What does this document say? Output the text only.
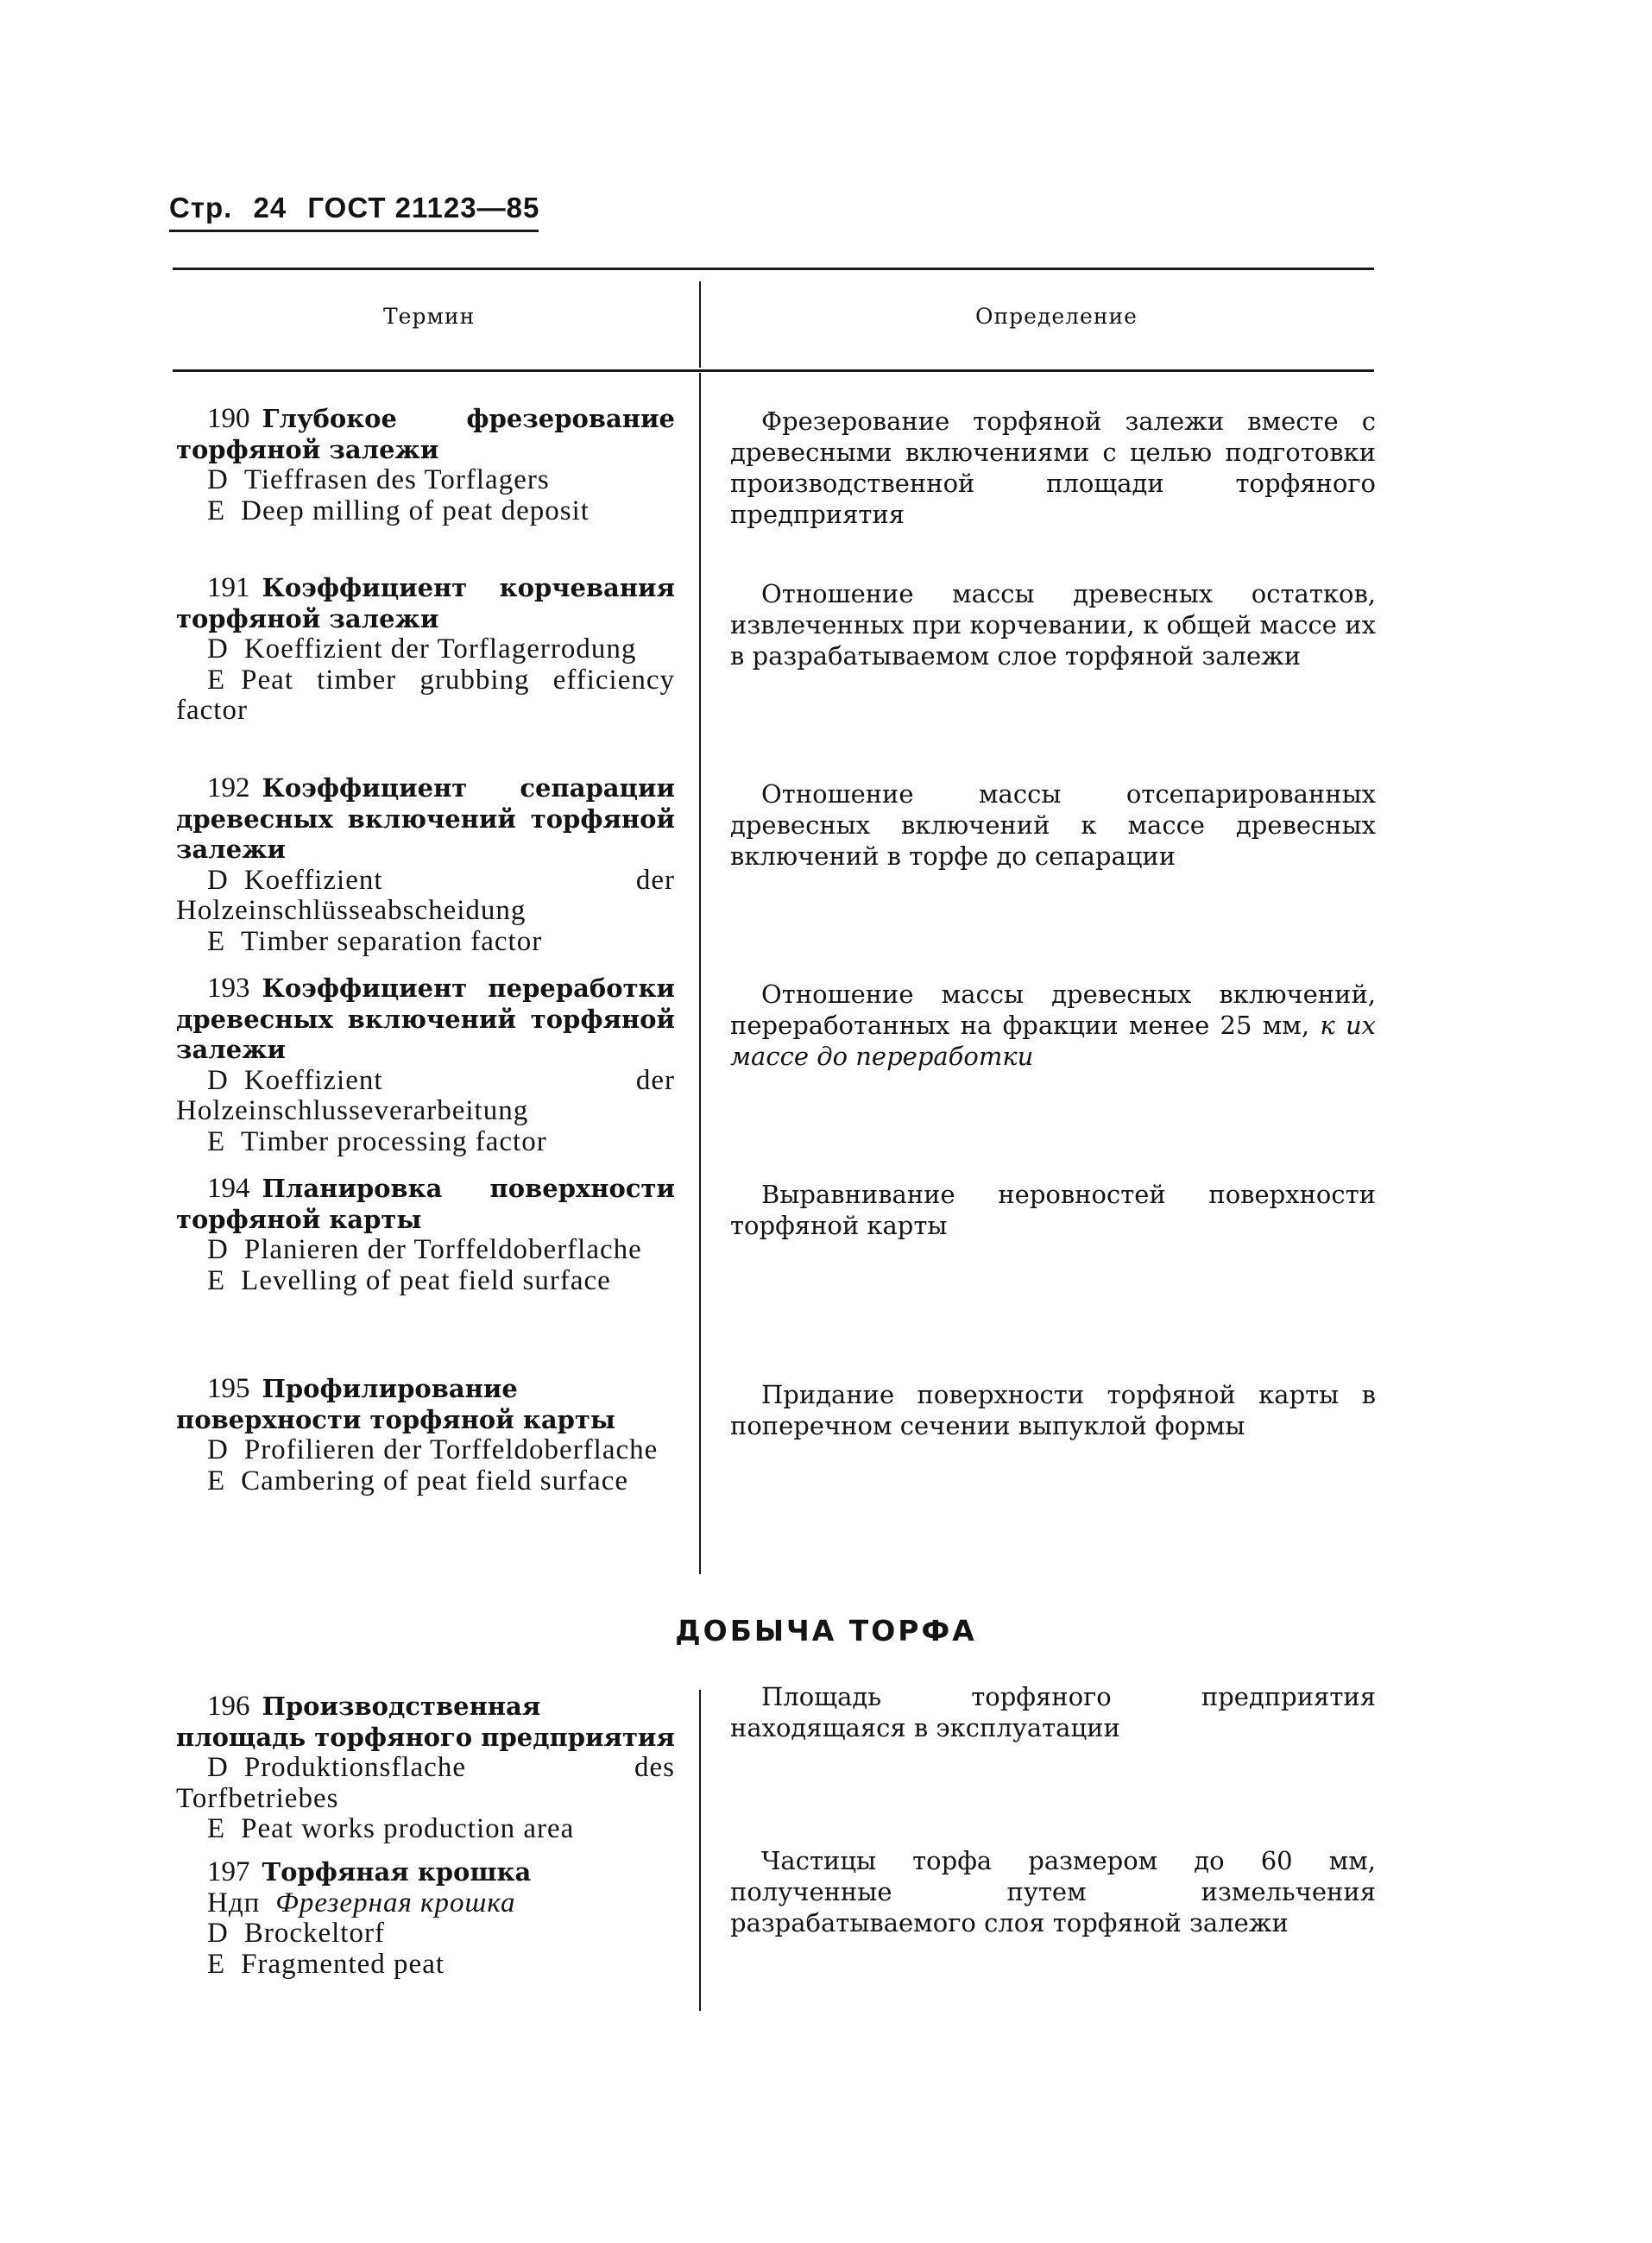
Стр. 24 ГОСТ 21123—85
Термин	Определение
190 Глубокое фрезерование торфяной залежи
D Tieffrasen des Torflagers
E Deep milling of peat deposit
Фрезерование торфяной залежи вместе с древесными включениями с целью подготовки производственной площади торфяного предприятия
191 Коэффициент корчевания торфяной залежи
D Koeffizient der Torflagerrodung
E Peat timber grubbing efficiency factor
Отношение массы древесных остатков, извлеченных при корчевании, к общей массе их в разрабатываемом слое торфяной залежи
192 Коэффициент сепарации древесных включений торфяной залежи
D Koeffizient der Holzeinschlüsseabscheidung
E Timber separation factor
Отношение массы отсепарированных древесных включений к массе древесных включений в торфе до сепарации
193 Коэффициент переработки древесных включений торфяной залежи
D Koeffizient der Holzeinschlusseverarbeitung
E Timber processing factor
Отношение массы древесных включений, переработанных на фракции менее 25 мм, к их массе до переработки
194 Планировка поверхности торфяной карты
D Planieren der Torffeldoberflache
E Levelling of peat field surface
Выравнивание неровностей поверхности торфяной карты
195 Профилирование поверхности торфяной карты
D Profilieren der Torffeldoberflache
E Cambering of peat field surface
Придание поверхности торфяной карты в поперечном сечении выпуклой формы
ДОБЫЧА ТОРФА
196 Производственная площадь торфяного предприятия
D Produktionsflache des Torfbetriebes
E Peat works production area
Площадь торфяного предприятия находящаяся в эксплуатации
197 Торфяная крошка
Ндп Фрезерная крошка
D Brockeltorf
E Fragmented peat
Частицы торфа размером до 60 мм, полученные путем измельчения разрабатываемого слоя торфяной залежи
